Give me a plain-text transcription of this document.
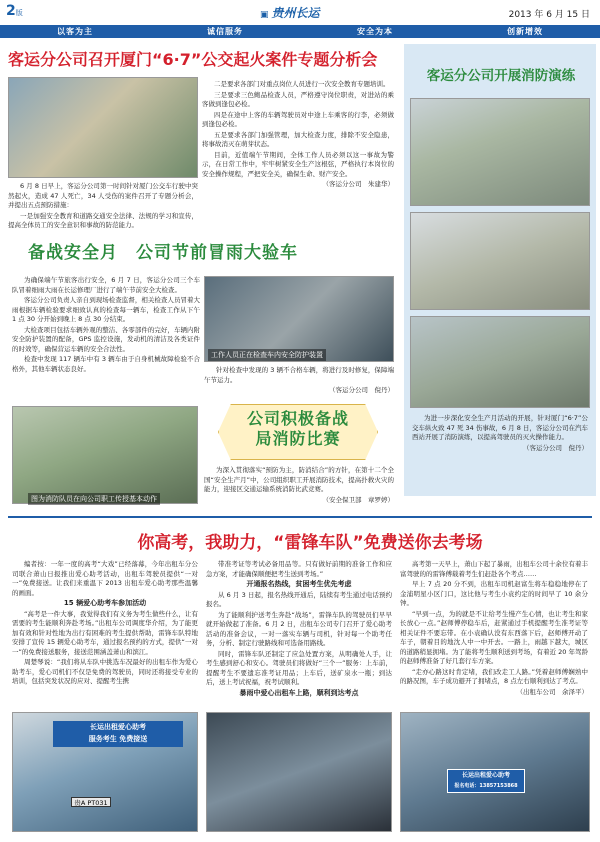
2版	▣ 贵州长运	2013 年 6 月 15 日
以客为主	诚信服务	安全为本	创新增效
客运分公司召开厦门“6·7”公交起火案件专题分析会

6 月 8 日早上，客运分公司第一时间针对厦门公交车行驶中突然起火，造成 47 人死亡，34 人受伤的案件召开了专题分析会，并提出五点预防措施：

一是加强安全教育和道路交通安全法律、法规的学习和宣传，提高全体员工的安全意识和事故的防范能力。

二是要求各部门对重点岗位人员进行一次安全教育专题培训。

三是要求三色鲍品检查人员，严格遵守岗位职责，对进站的乘客做到逢包必检。

四是在途中上客的车辆驾驶员对中途上车乘客的行李，必须做到逢包必检。

五是要求各部门加强管理，加大检查力度，排除不安全隐患，将事故消灭在萌芽状态。

目前，近值端午节期间，全体工作人员必须以这一事故为警示，在日常工作中，牢牢树紧安全生产这根弦，严格执行本岗位的安全操作规程，严把安全关，确保生命、财产安全。

（客运分公司　朱建华）
客运分公司开展消防演练

为进一步深化安全生产月活动的开展，针对厦门“6·7”公交车纵火致 47 死 34 伤事故，6 月 8 日，客运分公司在汽车西站开展了消防演练，以提高驾驶员的灭火操作能力。

（客运分公司　倪丹）
备战安全月　公司节前冒雨大验车

为确保端午节旅客出行安全，6 月 7 日，客运分公司三个车队冒着细雨大雨在长运修理厂进行了端午节前安全大检查。

客运分公司负责人亲自到现场检查监督，相关检查人员冒着大雨根据车辆检验要求细致认真的检查每一辆车，检查工作从下午 1 点 30 分开始到晚上 8 点 30 分结束。

大检查项目包括车辆外观的整洁、各零部件的完好，车辆内附安全防护装置的配备，GPS 监控设施，发动机的清洁及各类证件的时效等，确保营运车辆的安全合法性。

检查中发现 117 辆车中有 3 辆车由于自身机械故障检验不合格外，其他车辆状态良好。

工作人员正在检查车内安全防护装置

针对检查中发现的 3 辆不合格车辆，将进行及时修复，保障端午节运力。

（客运分公司　倪丹）
图为消防队员在向公司职工传授基本动作
公司积极备战
局消防比赛

为深入贯彻落实“预防为主，防消结合”的方针，在第十二个全国“安全生产月”中，公司组织职工开展消防技术，提高扑救火灾的能力，迎接区交通运输系统消防比武竞赛。

（安全保卫部　章罗婷）
你高考，我助力，“雷锋车队”免费送你去考场

编者按：一年一度的高考“大戏”已经落幕，今年出租车分公司联合萧山日报推出爱心助考活动，出租车驾驶员提供“一对一”免费接送。让我们来重温下 2013 出租车爱心助考那些温馨的画面。

15 辆爱心助考车参加活动

“高考是一件大事，我觉得我们有义务为考生做些什么，让有需要的考生能顺利奔赴考场。”出租车公司调度华介绍，为了能更加有效和针对性地为出行有困难的考生提供帮助，雷锋车队特地安排了宣传 15 辆爱心助考车，通过报名预约的方式，提供“一对一”的免费接送服务，接送范围涵盖萧山和滨江。

周楚琴说：“我们将从车队中挑选车况最好的出租车作为爱心助考车，爱心司机们不仅是免费的驾驶员，同时还将接受专业的培训，包括突发状况的应对、提醒考生携

带准考证等考试必备用品等。只有做好前期的准备工作和应急方案，才能确保顺便把考生送到考场。”

开通报名热线，贫困考生优先考虑

从 6 月 3 日起，报名热线开通后，陆续有考生通过电话预约报名。

为了能顺利护送考生奔赴“战场”，雷锋车队的驾驶员们早早就开始做起了准备。6 月 2 日，出租车公司专门召开了爱心助考活动的准备会议，一对一落实车辆与司机，针对每一个助考任务，分析、制定行驶路线和可选备用路线。

同时，雷锋车队还制定了应急处置方案，从明确处人手，让考生感到舒心和安心。驾驶员们将做好“三个一”服务：上车前，提醒考生不要遗忘准考证用品；上车后，送矿泉水一瓶；到达后，送上考试祝福，祝考试顺利。

暴雨中爱心出租车上路，顺利到达考点

高考第一天早上，萧山下起了暴雨，出租车公司十余位有着丰富驾驶的的雷锋傅载着考生们赶赴各个考点……

早上 7 点 20 分不到，出租车司机赵富生将车稳稳地停在了金浦明星小区门口，这比他与考生小袁约定的时间早了 10 余分钟。

“早到一点，为的就是不让给考生慢产生心情，也让考生和家长放心一点。”赵师傅停稳车后，赶紧通过手机提醒考生准考证等相关证件不要忘带。在小袁确认没有东西落下后，赵师傅开动了车子，朝着目的地沈人中一中开去。一路上，雨越下越大，城区的道路稍显拥堵。为了能将考生顺利送到考场，有着近 20 年驾龄的赵师傅准备了好几套行车方案。

“走亦心路这时肯定堵，我们改走工人路。”凭着赵师傅娴熟中的路况图，车子成功避开了拥堵点，8 点左右顺利到达了考点。

（出租车公司　余泽平）
长运出租爱心助考
服务考生 免费接送
贵A PT031
长运出租爱心助考
报名电话：13857153868
